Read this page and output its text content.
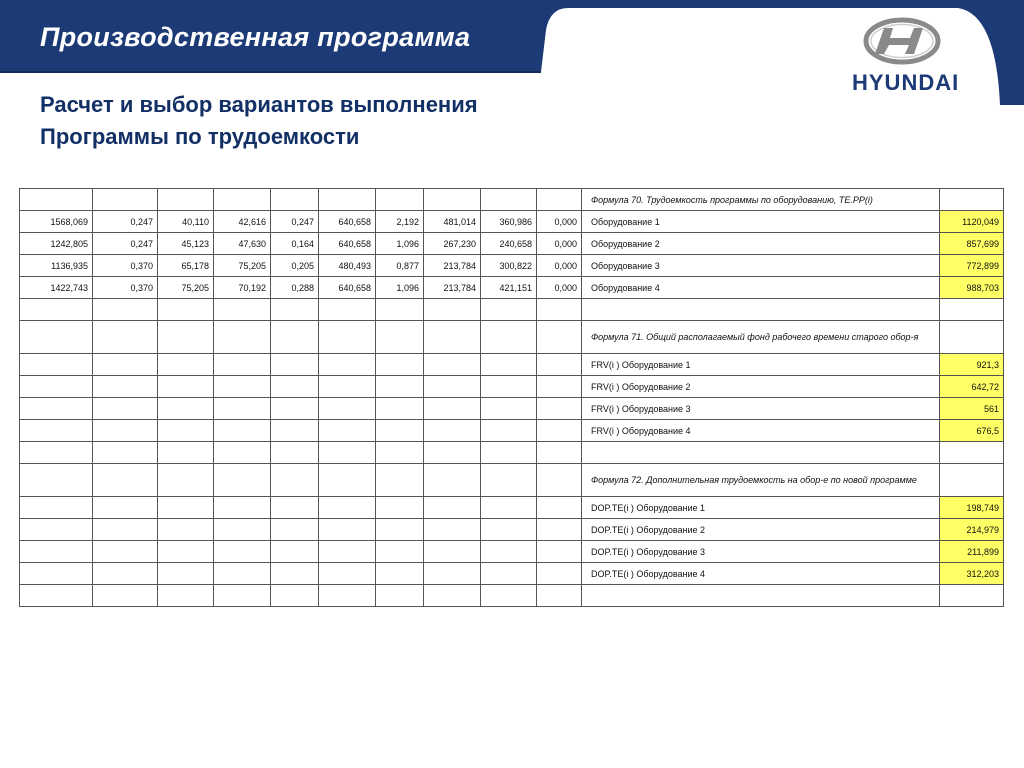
Производственная программа
HYUNDAI
Расчет и выбор вариантов выполнения
Программы по трудоемкости
										Формула 70. Трудоемкость программы по оборудованию, TE.PP(i)	
1568,069	0,247	40,110	42,616	0,247	640,658	2,192	481,014	360,986	0,000	Оборудование 1	1120,049
1242,805	0,247	45,123	47,630	0,164	640,658	1,096	267,230	240,658	0,000	Оборудование 2	857,699
1136,935	0,370	65,178	75,205	0,205	480,493	0,877	213,784	300,822	0,000	Оборудование 3	772,899
1422,743	0,370	75,205	70,192	0,288	640,658	1,096	213,784	421,151	0,000	Оборудование 4	988,703

										Формула 71. Общий располагаемый фонд рабочего времени старого обор-я	
										FRV(i ) Оборудование 1	921,3
										FRV(i ) Оборудование 2	642,72
										FRV(i ) Оборудование 3	561
										FRV(i ) Оборудование 4	676,5

										Формула 72. Дополнительная трудоемкость на обор-е по новой программе	
										DOP.TE(i ) Оборудование 1	198,749
										DOP.TE(i ) Оборудование 2	214,979
										DOP.TE(i ) Оборудование 3	211,899
										DOP.TE(i ) Оборудование 4	312,203
